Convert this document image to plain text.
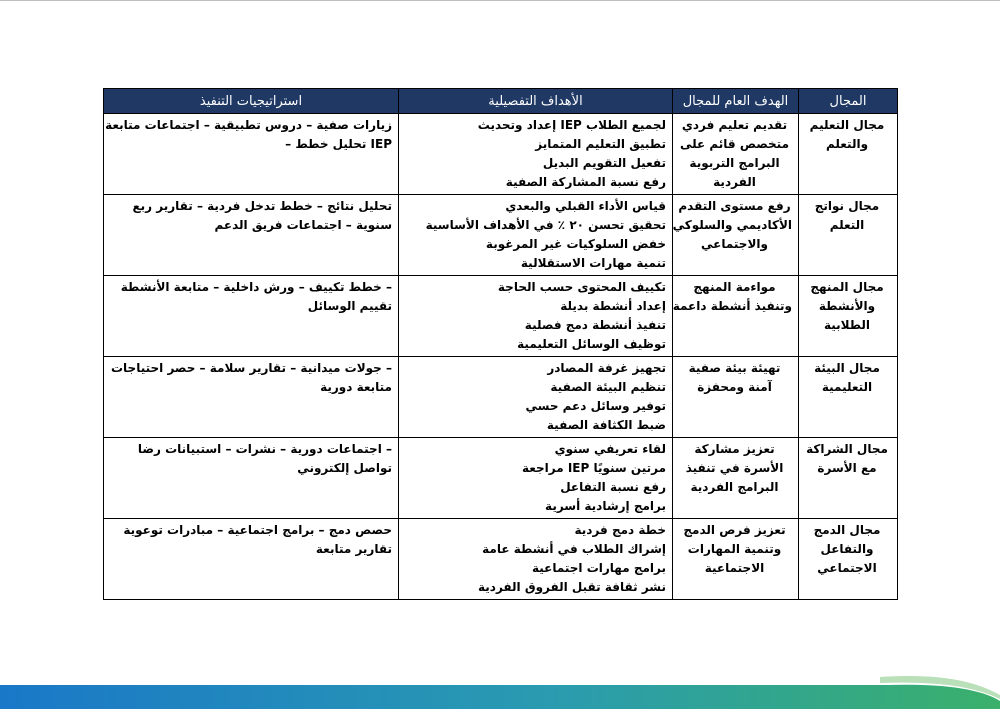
المجال	الهدف العام للمجال	الأهداف التفصيلية	استراتيجيات التنفيذ

مجال التعليم
والتعلم	تقديم تعليم فردي
متخصص قائم على
البرامج التربوية
الفردية	لجميع الطلاب IEP إعداد وتحديث
تطبيق التعليم المتمايز
تفعيل التقويم البديل
رفع نسبة المشاركة الصفية	زيارات صفية – دروس تطبيقية – اجتماعات متابعة
IEP تحليل خطط –

مجال نواتج
التعلم	رفع مستوى التقدم
الأكاديمي والسلوكي
والاجتماعي	قياس الأداء القبلي والبعدي
تحقيق تحسن ٢٠ ٪ في الأهداف الأساسية
خفض السلوكيات غير المرغوبة
تنمية مهارات الاستقلالية	تحليل نتائج – خطط تدخل فردية – تقارير ربع
سنوية – اجتماعات فريق الدعم

مجال المنهج
والأنشطة
الطلابية	مواءمة المنهج
وتنفيذ أنشطة داعمة	تكييف المحتوى حسب الحاجة
إعداد أنشطة بديلة
تنفيذ أنشطة دمج فصلية
توظيف الوسائل التعليمية	– خطط تكييف – ورش داخلية – متابعة الأنشطة
تقييم الوسائل

مجال البيئة
التعليمية	تهيئة بيئة صفية
آمنة ومحفزة	تجهيز غرفة المصادر
تنظيم البيئة الصفية
توفير وسائل دعم حسي
ضبط الكثافة الصفية	– جولات ميدانية – تقارير سلامة – حصر احتياجات
متابعة دورية

مجال الشراكة
مع الأسرة	تعزيز مشاركة
الأسرة في تنفيذ
البرامج الفردية	لقاء تعريفي سنوي
مرتين سنويًا IEP مراجعة
رفع نسبة التفاعل
برامج إرشادية أسرية	– اجتماعات دورية – نشرات – استبيانات رضا
تواصل إلكتروني

مجال الدمج
والتفاعل
الاجتماعي	تعزيز فرص الدمج
وتنمية المهارات
الاجتماعية	خطة دمج فردية
إشراك الطلاب في أنشطة عامة
برامج مهارات اجتماعية
نشر ثقافة تقبل الفروق الفردية	حصص دمج – برامج اجتماعية – مبادرات توعوية
تقارير متابعة
